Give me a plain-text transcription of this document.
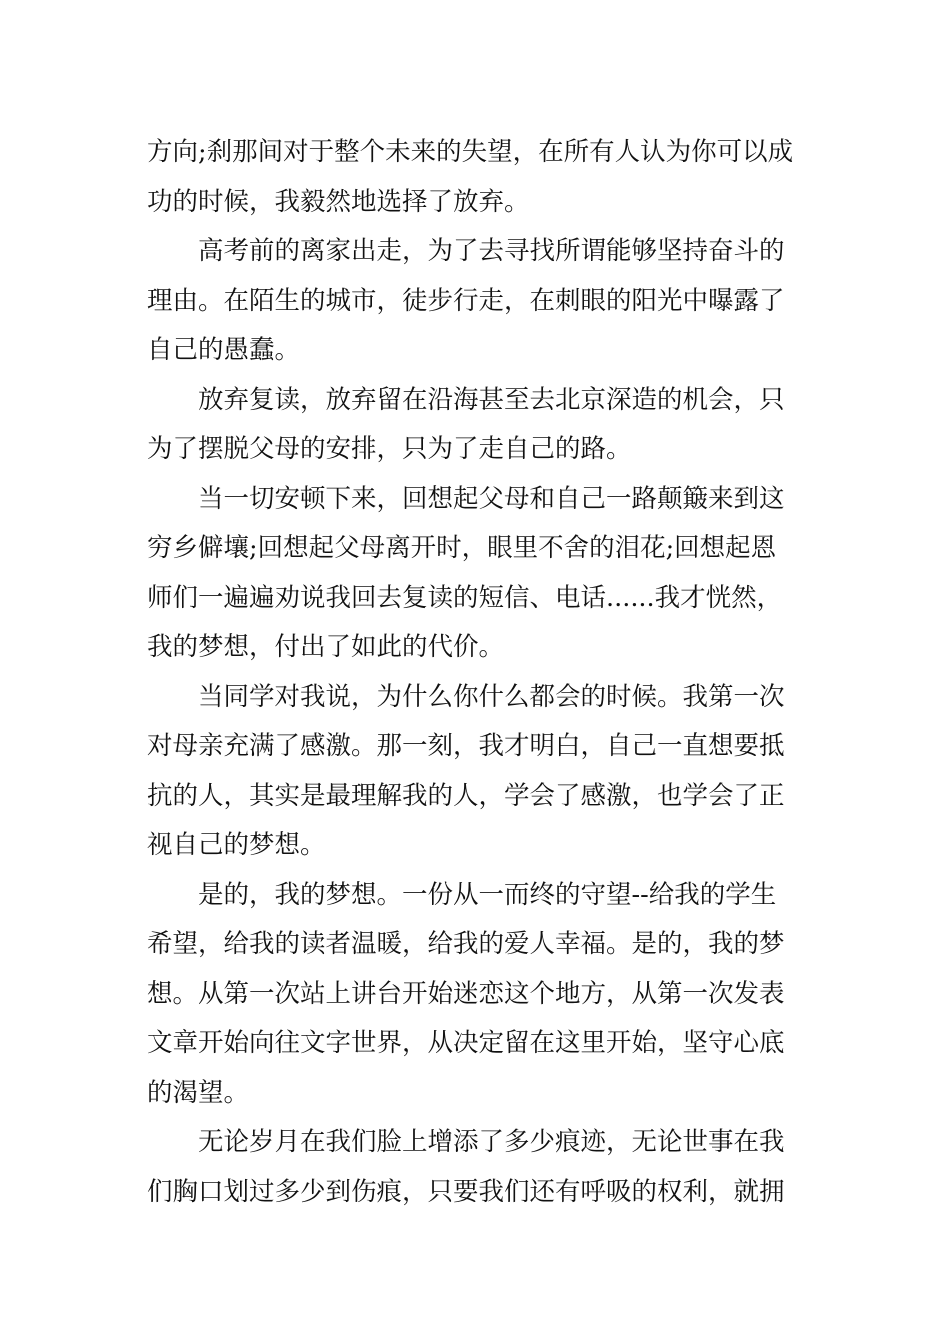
方向;刹那间对于整个未来的失望，在所有人认为你可以成

功的时候，我毅然地选择了放弃。

高考前的离家出走，为了去寻找所谓能够坚持奋斗的

理由。在陌生的城市，徒步行走，在刺眼的阳光中曝露了

自己的愚蠢。

放弃复读，放弃留在沿海甚至去北京深造的机会，只

为了摆脱父母的安排，只为了走自己的路。

当一切安顿下来，回想起父母和自己一路颠簸来到这

穷乡僻壤;回想起父母离开时，眼里不舍的泪花;回想起恩

师们一遍遍劝说我回去复读的短信、电话......我才恍然，

我的梦想，付出了如此的代价。

当同学对我说，为什么你什么都会的时候。我第一次

对母亲充满了感激。那一刻，我才明白，自己一直想要抵

抗的人，其实是最理解我的人，学会了感激，也学会了正

视自己的梦想。

是的，我的梦想。一份从一而终的守望--给我的学生

希望，给我的读者温暖，给我的爱人幸福。是的，我的梦

想。从第一次站上讲台开始迷恋这个地方，从第一次发表

文章开始向往文字世界，从决定留在这里开始，坚守心底

的渴望。

无论岁月在我们脸上增添了多少痕迹，无论世事在我

们胸口划过多少到伤痕，只要我们还有呼吸的权利，就拥
